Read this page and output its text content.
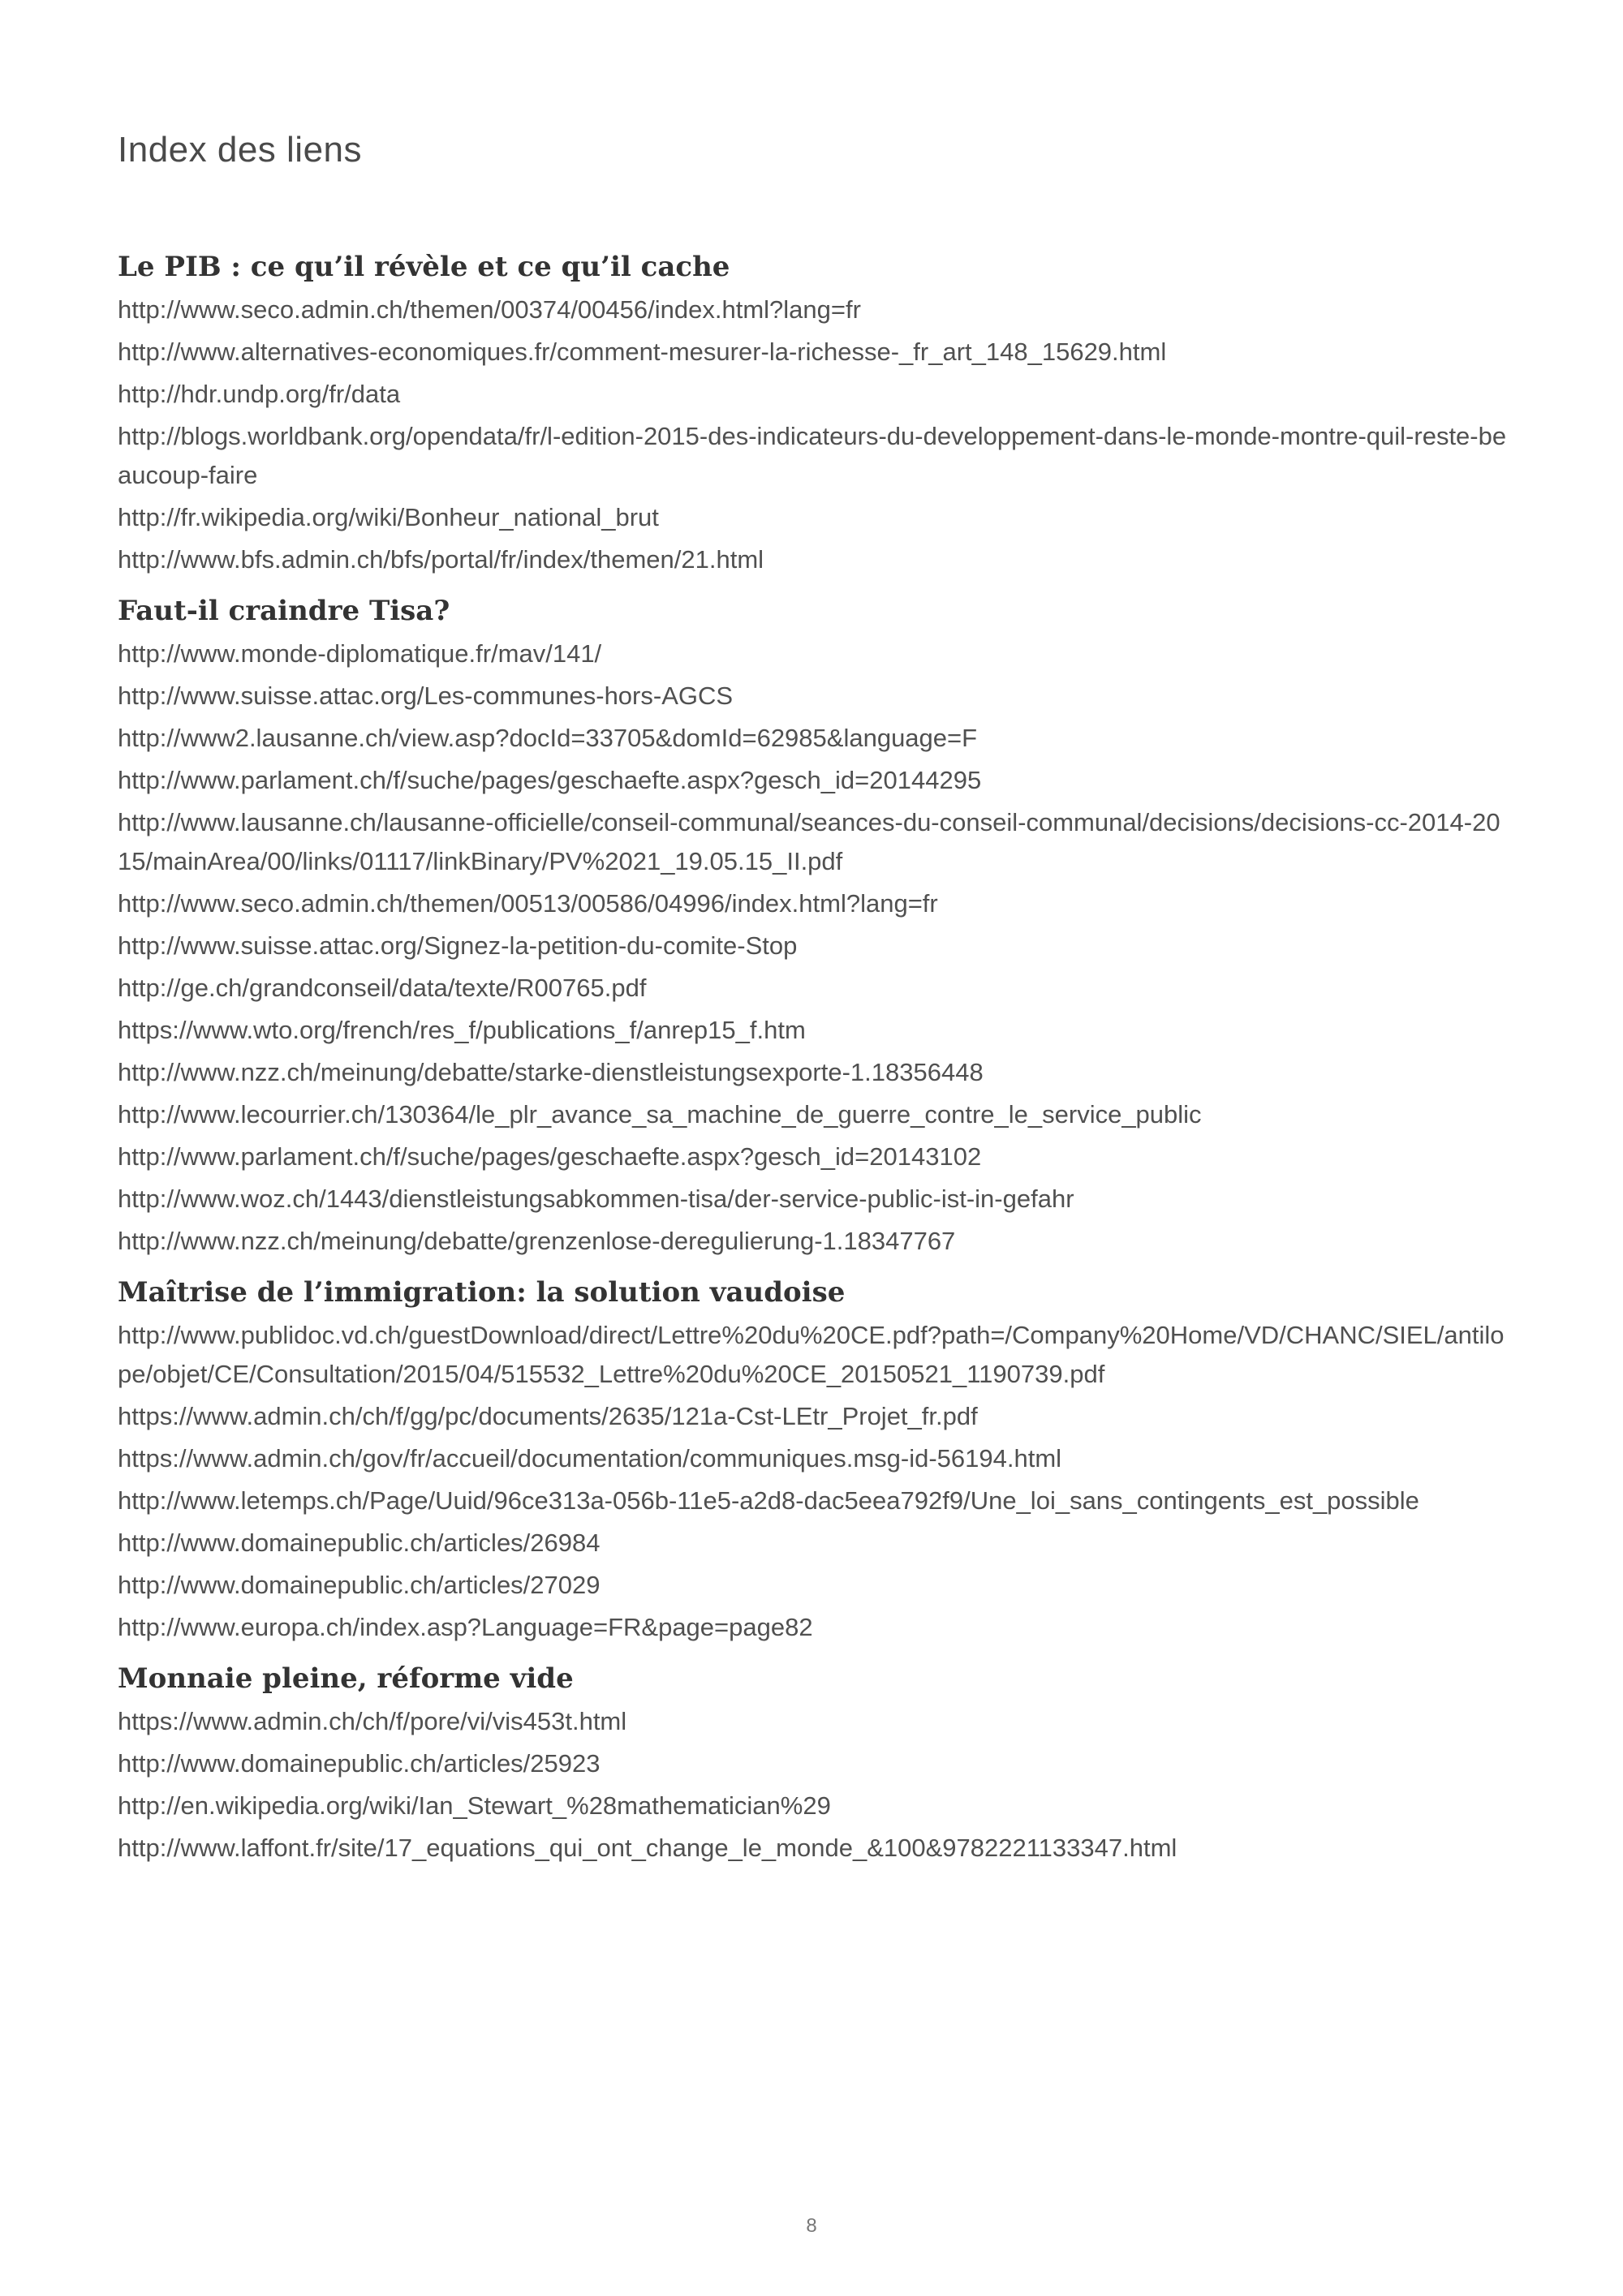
Index des liens
Le PIB : ce qu’il révèle et ce qu’il cache
http://www.seco.admin.ch/themen/00374/00456/index.html?lang=fr
http://www.alternatives-economiques.fr/comment-mesurer-la-richesse-_fr_art_148_15629.html
http://hdr.undp.org/fr/data
http://blogs.worldbank.org/opendata/fr/l-edition-2015-des-indicateurs-du-developpement-dans-le-monde-montre-quil-reste-beaucoup-faire
http://fr.wikipedia.org/wiki/Bonheur_national_brut
http://www.bfs.admin.ch/bfs/portal/fr/index/themen/21.html
Faut-il craindre Tisa?
http://www.monde-diplomatique.fr/mav/141/
http://www.suisse.attac.org/Les-communes-hors-AGCS
http://www2.lausanne.ch/view.asp?docId=33705&domId=62985&language=F
http://www.parlament.ch/f/suche/pages/geschaefte.aspx?gesch_id=20144295
http://www.lausanne.ch/lausanne-officielle/conseil-communal/seances-du-conseil-communal/decisions/decisions-cc-2014-2015/mainArea/00/links/01117/linkBinary/PV%2021_19.05.15_II.pdf
http://www.seco.admin.ch/themen/00513/00586/04996/index.html?lang=fr
http://www.suisse.attac.org/Signez-la-petition-du-comite-Stop
http://ge.ch/grandconseil/data/texte/R00765.pdf
https://www.wto.org/french/res_f/publications_f/anrep15_f.htm
http://www.nzz.ch/meinung/debatte/starke-dienstleistungsexporte-1.18356448
http://www.lecourrier.ch/130364/le_plr_avance_sa_machine_de_guerre_contre_le_service_public
http://www.parlament.ch/f/suche/pages/geschaefte.aspx?gesch_id=20143102
http://www.woz.ch/1443/dienstleistungsabkommen-tisa/der-service-public-ist-in-gefahr
http://www.nzz.ch/meinung/debatte/grenzenlose-deregulierung-1.18347767
Maîtrise de l’immigration: la solution vaudoise
http://www.publidoc.vd.ch/guestDownload/direct/Lettre%20du%20CE.pdf?path=/Company%20Home/VD/CHANC/SIEL/antilope/objet/CE/Consultation/2015/04/515532_Lettre%20du%20CE_20150521_1190739.pdf
https://www.admin.ch/ch/f/gg/pc/documents/2635/121a-Cst-LEtr_Projet_fr.pdf
https://www.admin.ch/gov/fr/accueil/documentation/communiques.msg-id-56194.html
http://www.letemps.ch/Page/Uuid/96ce313a-056b-11e5-a2d8-dac5eea792f9/Une_loi_sans_contingents_est_possible
http://www.domainepublic.ch/articles/26984
http://www.domainepublic.ch/articles/27029
http://www.europa.ch/index.asp?Language=FR&page=page82
Monnaie pleine, réforme vide
https://www.admin.ch/ch/f/pore/vi/vis453t.html
http://www.domainepublic.ch/articles/25923
http://en.wikipedia.org/wiki/Ian_Stewart_%28mathematician%29
http://www.laffont.fr/site/17_equations_qui_ont_change_le_monde_&100&9782221133347.html
8
